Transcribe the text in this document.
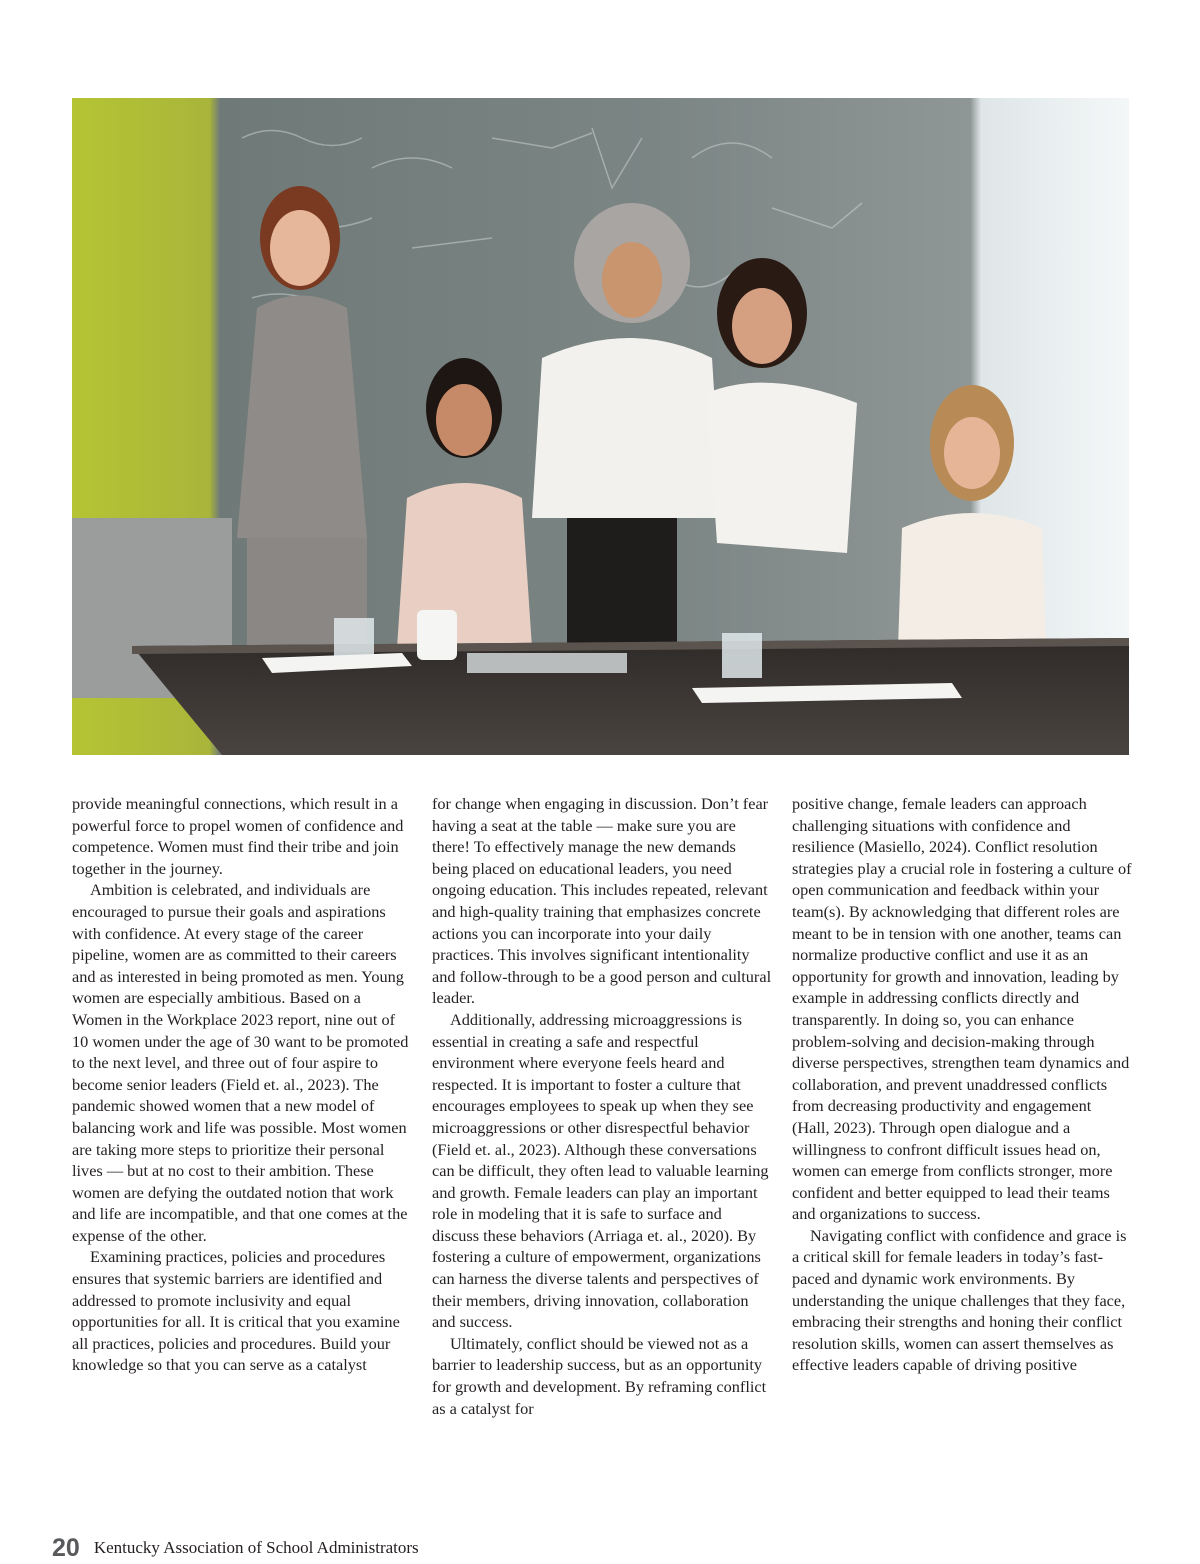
provide meaningful connections, which result in a powerful force to propel women of confidence and competence. Women must find their tribe and join together in the journey.

Ambition is celebrated, and individuals are encouraged to pursue their goals and aspirations with confidence. At every stage of the career pipeline, women are as committed to their careers and as interested in being promoted as men. Young women are especially ambitious. Based on a Women in the Workplace 2023 report, nine out of 10 women under the age of 30 want to be promoted to the next level, and three out of four aspire to become senior leaders (Field et. al., 2023). The pandemic showed women that a new model of balancing work and life was possible. Most women are taking more steps to prioritize their personal lives — but at no cost to their ambition. These women are defying the outdated notion that work and life are incompatible, and that one comes at the expense of the other.

Examining practices, policies and procedures ensures that systemic barriers are identified and addressed to promote inclusivity and equal opportunities for all. It is critical that you examine all practices, policies and procedures. Build your knowledge so that you can serve as a catalyst

for change when engaging in discussion. Don’t fear having a seat at the table — make sure you are there! To effectively manage the new demands being placed on educational leaders, you need ongoing education. This includes repeated, relevant and high-quality training that emphasizes concrete actions you can incorporate into your daily practices. This involves significant intentionality and follow-through to be a good person and cultural leader.

Additionally, addressing microaggressions is essential in creating a safe and respectful environment where everyone feels heard and respected. It is important to foster a culture that encourages employees to speak up when they see microaggressions or other disrespectful behavior (Field et. al., 2023). Although these conversations can be difficult, they often lead to valuable learning and growth. Female leaders can play an important role in modeling that it is safe to surface and discuss these behaviors (Arriaga et. al., 2020). By fostering a culture of empowerment, organizations can harness the diverse talents and perspectives of their members, driving innovation, collaboration and success.

Ultimately, conflict should be viewed not as a barrier to leadership success, but as an opportunity for growth and development. By reframing conflict as a catalyst for

positive change, female leaders can approach challenging situations with confidence and resilience (Masiello, 2024). Conflict resolution strategies play a crucial role in fostering a culture of open communication and feedback within your team(s). By acknowledging that different roles are meant to be in tension with one another, teams can normalize productive conflict and use it as an opportunity for growth and innovation, leading by example in addressing conflicts directly and transparently. In doing so, you can enhance problem-solving and decision-making through diverse perspectives, strengthen team dynamics and collaboration, and prevent unaddressed conflicts from decreasing productivity and engagement (Hall, 2023). Through open dialogue and a willingness to confront difficult issues head on, women can emerge from conflicts stronger, more confident and better equipped to lead their teams and organizations to success.

Navigating conflict with confidence and grace is a critical skill for female leaders in today’s fast-paced and dynamic work environments. By understanding the unique challenges that they face, embracing their strengths and honing their conflict resolution skills, women can assert themselves as effective leaders capable of driving positive

20 Kentucky Association of School Administrators
